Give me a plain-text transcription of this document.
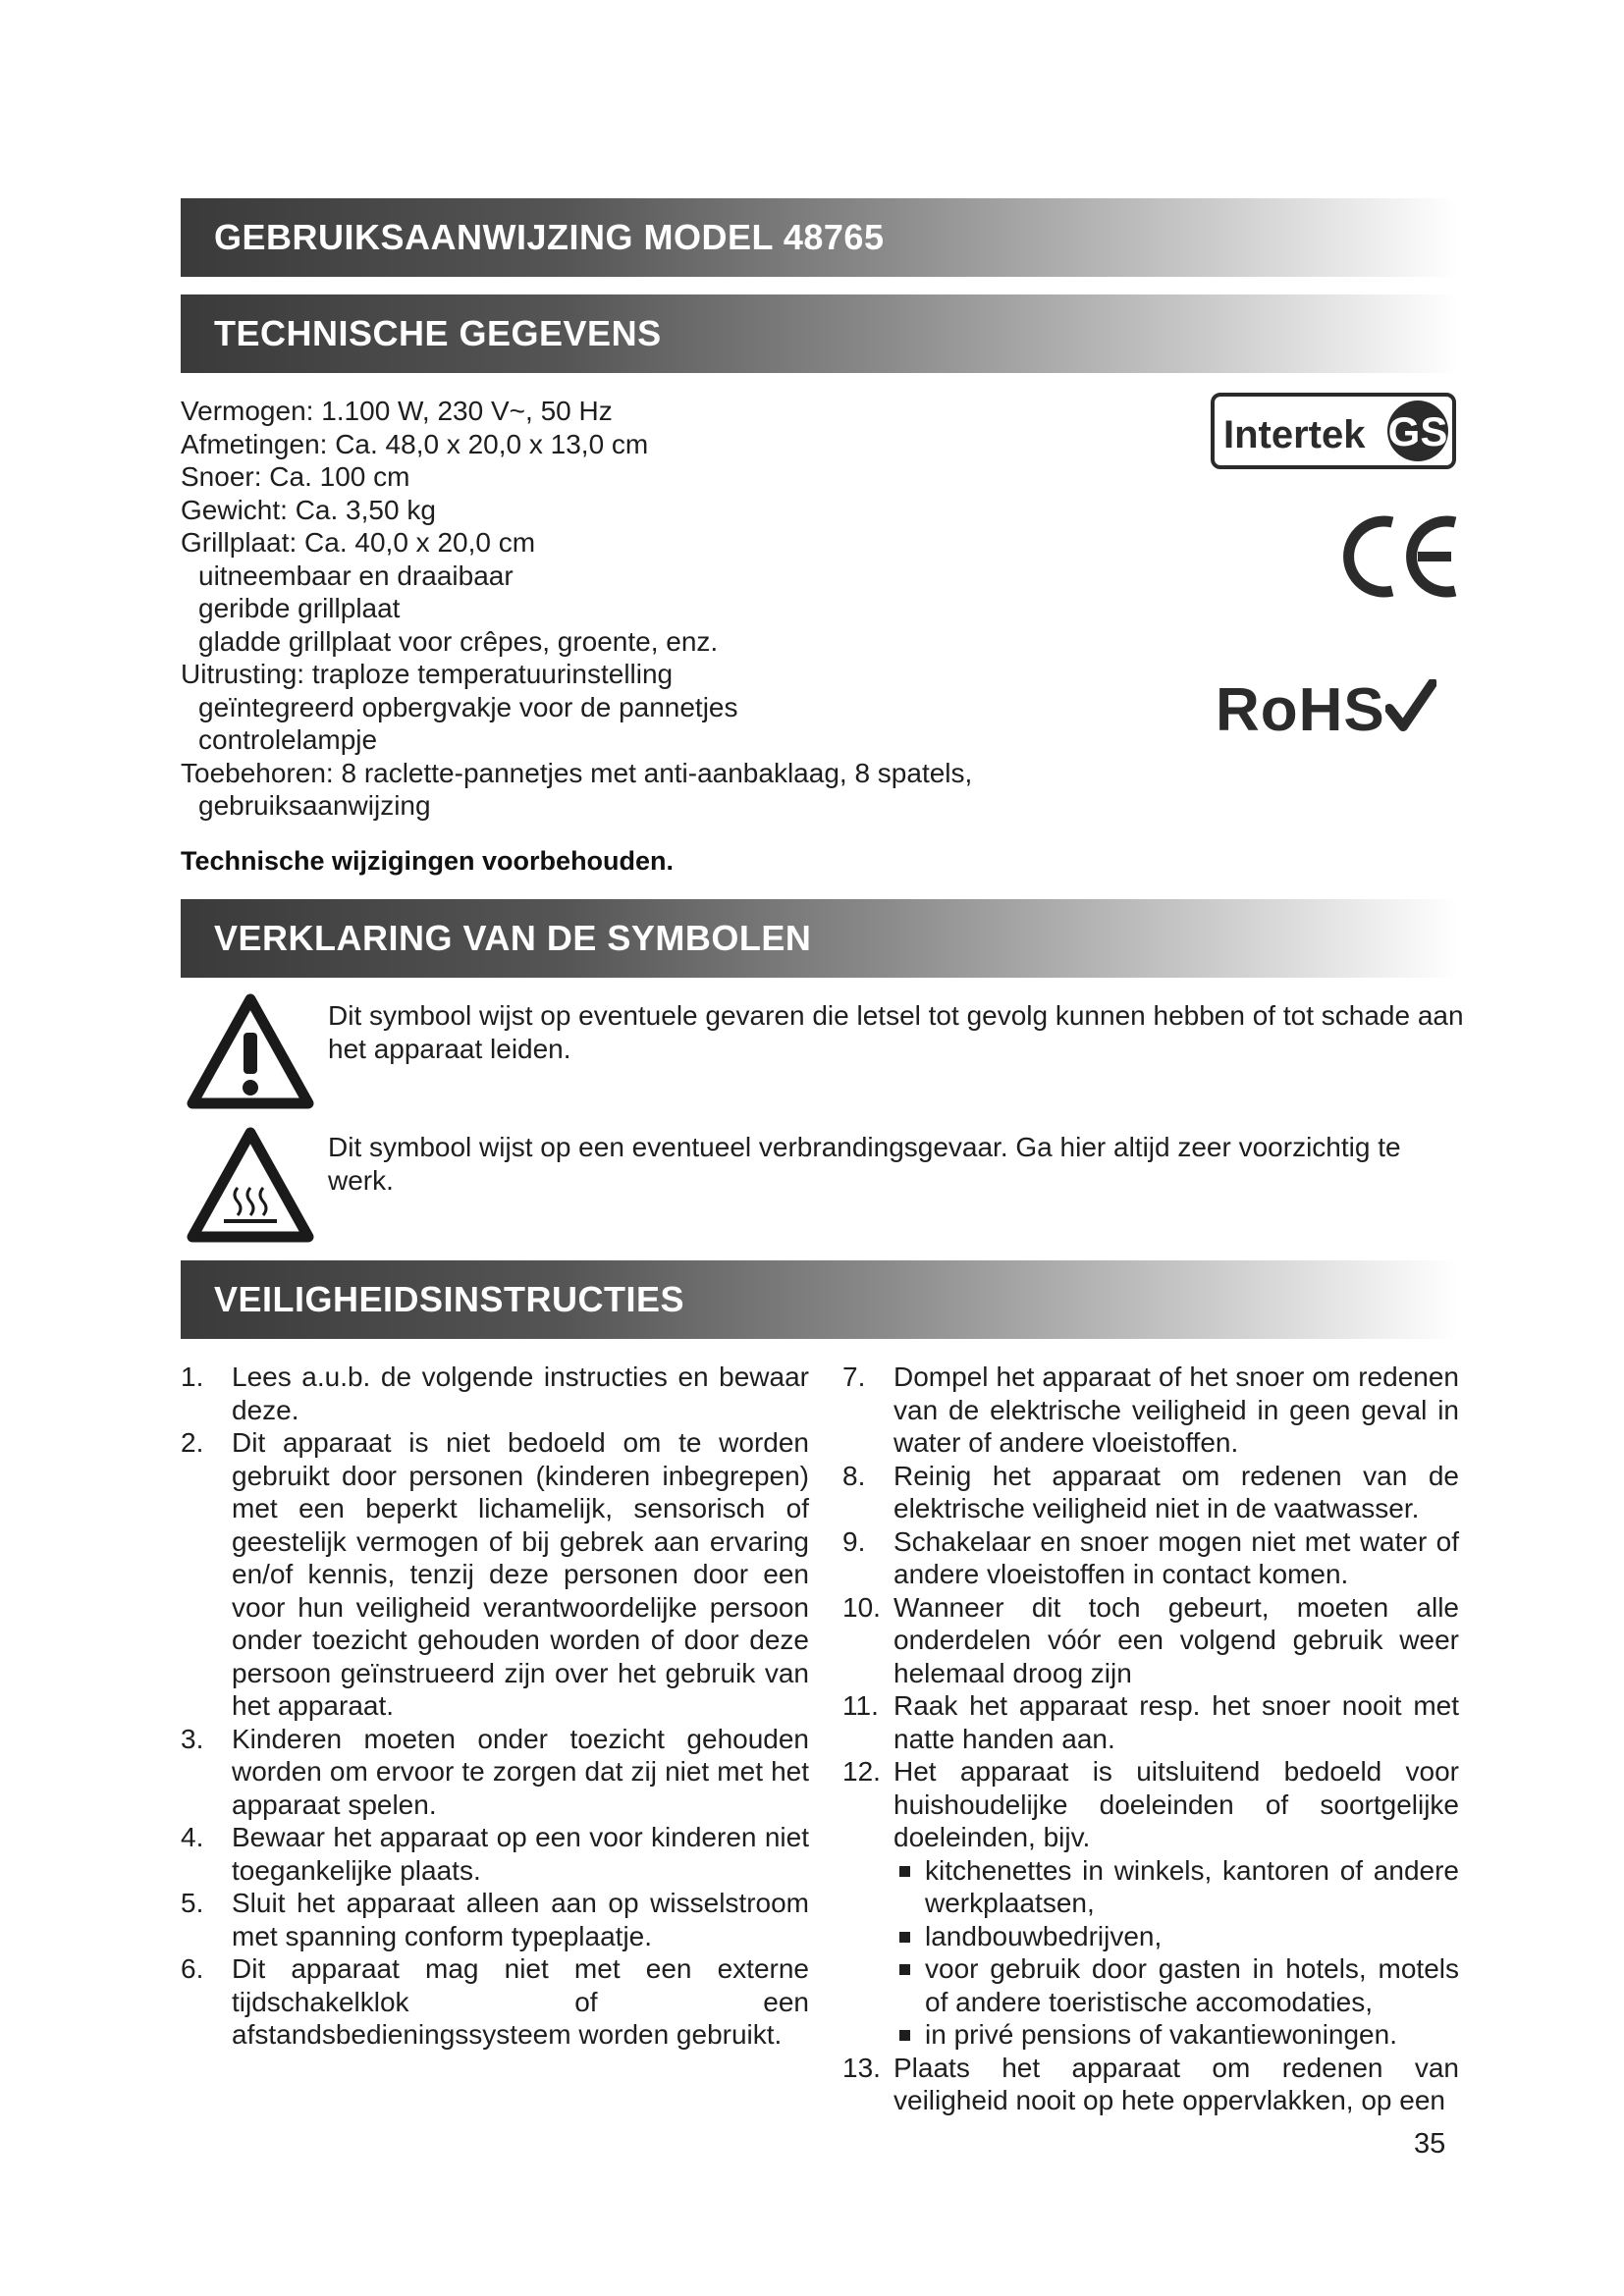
GEBRUIKSAANWIJZING MODEL 48765
TECHNISCHE GEGEVENS
Vermogen: 1.100 W, 230 V~, 50 Hz
Afmetingen: Ca. 48,0 x 20,0 x 13,0 cm
Snoer: Ca. 100 cm
Gewicht: Ca. 3,50 kg
Grillplaat: Ca. 40,0 x 20,0 cm
uitneembaar en draaibaar
geribde grillplaat
gladde grillplaat voor crêpes, groente, enz.
Uitrusting: traploze temperatuurinstelling
geïntegreerd opbergvakje voor de pannetjes
controlelampje
Toebehoren: 8 raclette-pannetjes met anti-aanbaklaag, 8 spatels,
gebruiksaanwijzing
Technische wijzigingen voorbehouden.
Intertek GS
RoHS
VERKLARING VAN DE SYMBOLEN
Dit symbool wijst op eventuele gevaren die letsel tot gevolg kunnen hebben of tot schade aan het apparaat leiden.
Dit symbool wijst op een eventueel verbrandingsgevaar. Ga hier altijd zeer voorzichtig te werk.
VEILIGHEIDSINSTRUCTIES
1. Lees a.u.b. de volgende instructies en bewaar deze.
2. Dit apparaat is niet bedoeld om te worden gebruikt door personen (kinderen inbegrepen) met een beperkt lichamelijk, sensorisch of geestelijk vermogen of bij gebrek aan ervaring en/of kennis, tenzij deze personen door een voor hun veiligheid verantwoordelijke persoon onder toezicht gehouden worden of door deze persoon geïnstrueerd zijn over het gebruik van het apparaat.
3. Kinderen moeten onder toezicht gehouden worden om ervoor te zorgen dat zij niet met het apparaat spelen.
4. Bewaar het apparaat op een voor kinderen niet toegankelijke plaats.
5. Sluit het apparaat alleen aan op wisselstroom met spanning conform typeplaatje.
6. Dit apparaat mag niet met een externe tijdschakelklok of een afstandsbedieningssysteem worden gebruikt.
7. Dompel het apparaat of het snoer om redenen van de elektrische veiligheid in geen geval in water of andere vloeistoffen.
8. Reinig het apparaat om redenen van de elektrische veiligheid niet in de vaatwasser.
9. Schakelaar en snoer mogen niet met water of andere vloeistoffen in contact komen.
10. Wanneer dit toch gebeurt, moeten alle onderdelen vóór een volgend gebruik weer helemaal droog zijn
11. Raak het apparaat resp. het snoer nooit met natte handen aan.
12. Het apparaat is uitsluitend bedoeld voor huishoudelijke doeleinden of soortgelijke doeleinden, bijv.
kitchenettes in winkels, kantoren of andere werkplaatsen,
landbouwbedrijven,
voor gebruik door gasten in hotels, motels of andere toeristische accomodaties,
in privé pensions of vakantiewoningen.
13. Plaats het apparaat om redenen van veiligheid nooit op hete oppervlakken, op een
35
